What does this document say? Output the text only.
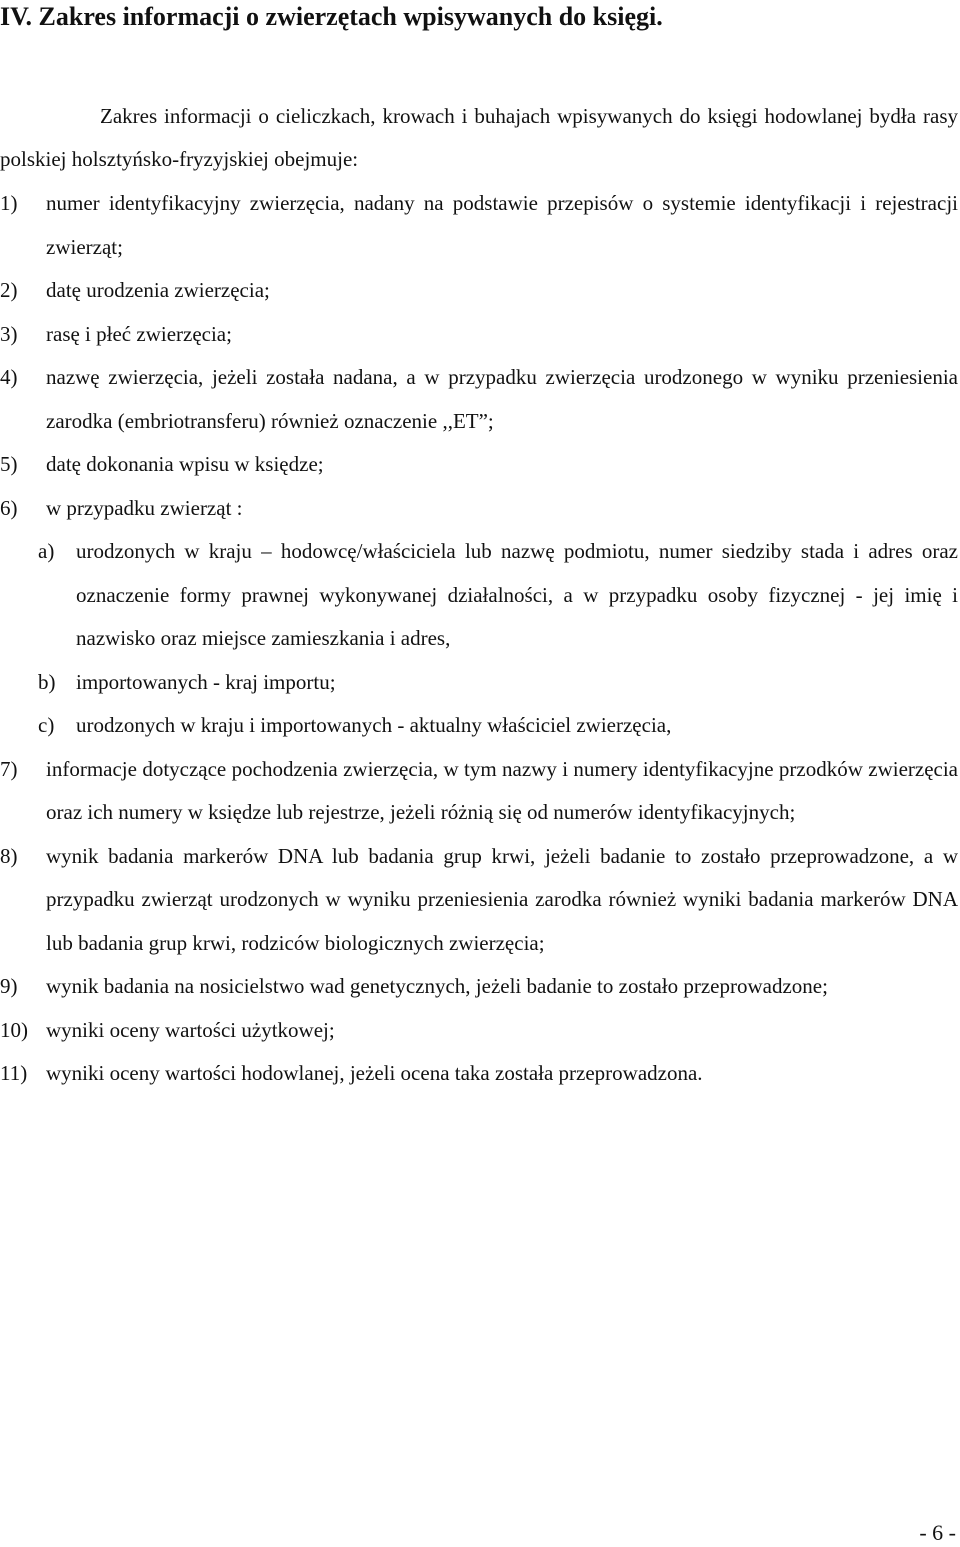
IV. Zakres informacji o zwierzętach wpisywanych do księgi.
Zakres informacji o cieliczkach, krowach i buhajach wpisywanych do księgi hodowlanej bydła rasy polskiej holsztyńsko-fryzyjskiej obejmuje:
1) numer identyfikacyjny zwierzęcia, nadany na podstawie przepisów o systemie identyfikacji i rejestracji zwierząt;
2) datę urodzenia zwierzęcia;
3) rasę i płeć zwierzęcia;
4) nazwę zwierzęcia, jeżeli została nadana, a w przypadku zwierzęcia urodzonego w wyniku przeniesienia zarodka (embriotransferu) również oznaczenie ,,ET”;
5) datę dokonania wpisu w księdze;
6) w przypadku zwierząt :
a) urodzonych w kraju – hodowcę/właściciela lub nazwę podmiotu, numer siedziby stada i adres oraz oznaczenie formy prawnej wykonywanej działalności, a w przypadku osoby fizycznej - jej imię i nazwisko oraz miejsce zamieszkania i adres,
b) importowanych - kraj importu;
c) urodzonych w kraju i importowanych - aktualny właściciel zwierzęcia,
7) informacje dotyczące pochodzenia zwierzęcia, w tym nazwy i numery identyfikacyjne przodków zwierzęcia oraz ich numery w księdze lub rejestrze, jeżeli różnią się od numerów identyfikacyjnych;
8) wynik badania markerów DNA lub badania grup krwi, jeżeli badanie to zostało przeprowadzone, a w przypadku zwierząt urodzonych w wyniku przeniesienia zarodka również wyniki badania markerów DNA lub badania grup krwi, rodziców biologicznych zwierzęcia;
9) wynik badania na nosicielstwo wad genetycznych, jeżeli badanie to zostało przeprowadzone;
10) wyniki oceny wartości użytkowej;
11) wyniki oceny wartości hodowlanej, jeżeli ocena taka została przeprowadzona.
- 6 -
